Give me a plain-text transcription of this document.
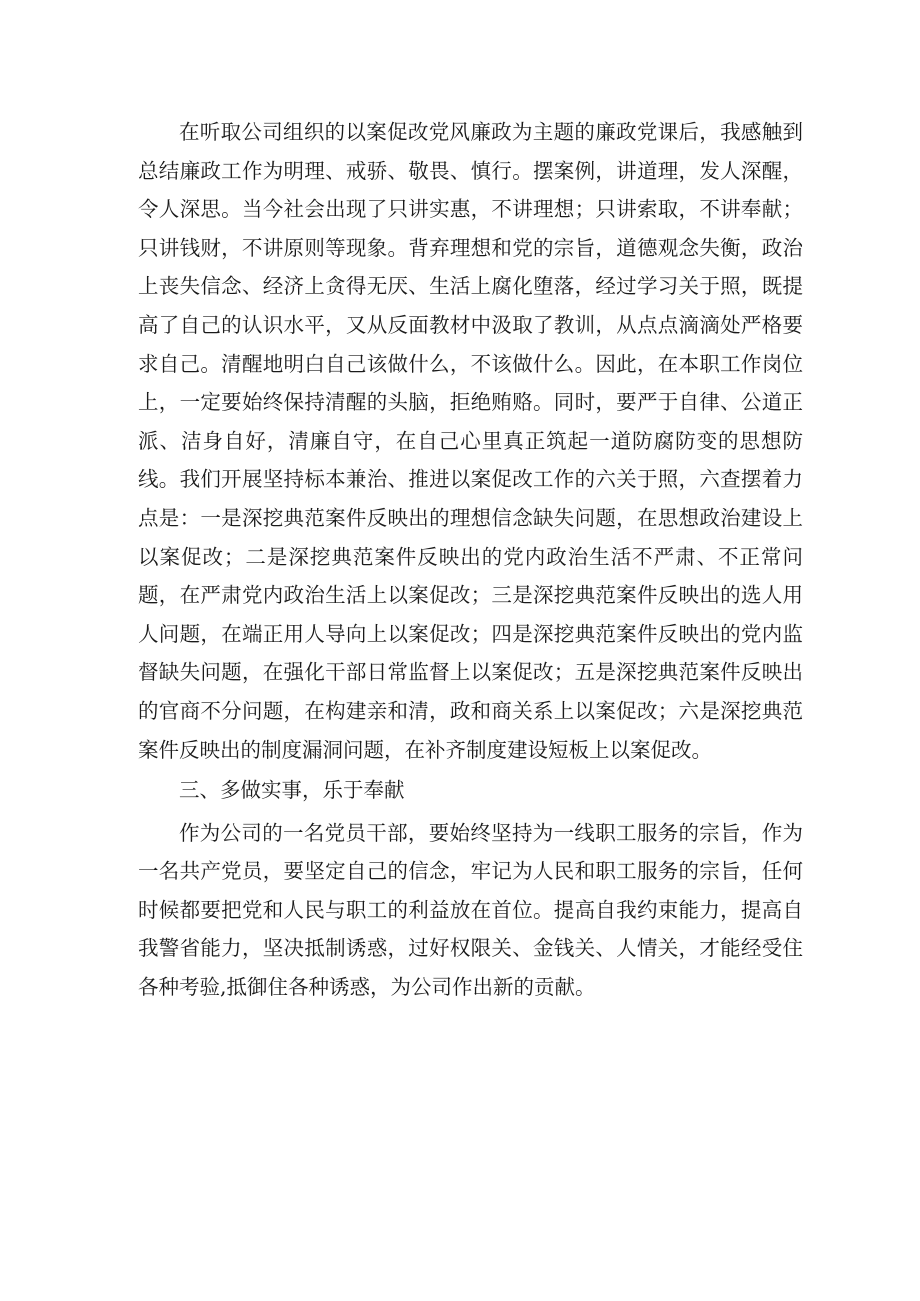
在听取公司组织的以案促改党风廉政为主题的廉政党课后，我感触到总结廉政工作为明理、戒骄、敬畏、慎行。摆案例，讲道理，发人深醒，令人深思。当今社会出现了只讲实惠，不讲理想；只讲索取，不讲奉献；只讲钱财，不讲原则等现象。背弃理想和党的宗旨，道德观念失衡，政治上丧失信念、经济上贪得无厌、生活上腐化堕落，经过学习关于照，既提高了自己的认识水平，又从反面教材中汲取了教训，从点点滴滴处严格要求自己。清醒地明白自己该做什么，不该做什么。因此，在本职工作岗位上，一定要始终保持清醒的头脑，拒绝贿赂。同时，要严于自律、公道正派、洁身自好，清廉自守，在自己心里真正筑起一道防腐防变的思想防线。我们开展坚持标本兼治、推进以案促改工作的六关于照，六查摆着力点是：一是深挖典范案件反映出的理想信念缺失问题，在思想政治建设上以案促改；二是深挖典范案件反映出的党内政治生活不严肃、不正常问题，在严肃党内政治生活上以案促改；三是深挖典范案件反映出的选人用人问题，在端正用人导向上以案促改；四是深挖典范案件反映出的党内监督缺失问题，在强化干部日常监督上以案促改；五是深挖典范案件反映出的官商不分问题，在构建亲和清，政和商关系上以案促改；六是深挖典范案件反映出的制度漏洞问题，在补齐制度建设短板上以案促改。

三、多做实事，乐于奉献

作为公司的一名党员干部，要始终坚持为一线职工服务的宗旨，作为一名共产党员，要坚定自己的信念，牢记为人民和职工服务的宗旨，任何时候都要把党和人民与职工的利益放在首位。提高自我约束能力，提高自我警省能力，坚决抵制诱惑，过好权限关、金钱关、人情关，才能经受住各种考验,抵御住各种诱惑，为公司作出新的贡献。
